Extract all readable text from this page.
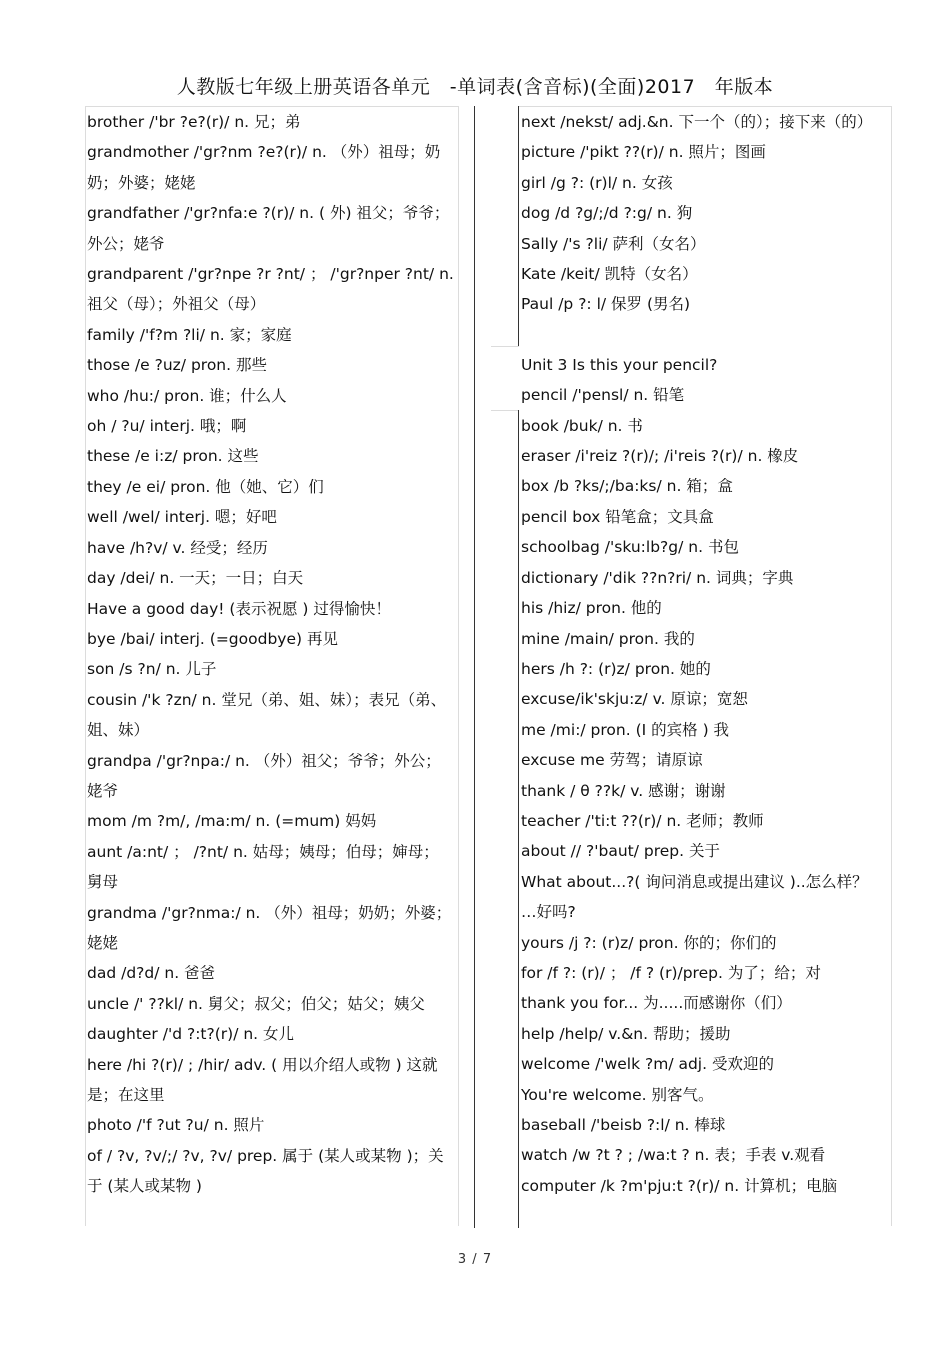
人教版七年级上册英语各单元   -单词表(含音标)(全面)2017   年版本

brother /'br ?e?(r)/ n. 兄；弟

grandmother /'gr?nm ?e?(r)/ n. （外）祖母；奶奶；外婆；姥姥

grandfather /'gr?nfa:e ?(r)/ n. ( 外) 祖父；爷爷； 外公；姥爷

grandparent /'gr?npe ?r ?nt/ ； /'gr?nper ?nt/ n.祖父（母）；外祖父（母）

family /'f?m ?li/ n. 家；家庭

those /e ?uz/ pron. 那些

who /hu:/ pron. 谁；什么人

oh / ?u/ interj. 哦；啊

these /e i:z/ pron. 这些

they /e ei/ pron. 他（她、它）们

well /wel/ interj. 嗯；好吧

have /h?v/ v. 经受；经历

day /dei/ n. 一天；一日；白天

Have a good day! (表示祝愿 ) 过得愉快！

bye /bai/ interj. (=goodbye) 再见

son /s ?n/ n. 儿子

cousin /'k ?zn/ n. 堂兄（弟、姐、妹）；表兄（弟、姐、妹）

grandpa /'gr?npa:/ n. （外）祖父；爷爷；外公；姥爷

mom /m ?m/, /ma:m/ n. (=mum) 妈妈

aunt /a:nt/ ； /?nt/ n. 姑母；姨母；伯母；婶母；舅母

grandma /'gr?nma:/ n. （外）祖母；奶奶；外婆；姥姥

dad /d?d/ n. 爸爸

uncle /' ??kl/ n. 舅父；叔父；伯父；姑父；姨父

daughter /'d ?:t?(r)/ n. 女儿

here /hi ?(r)/ ; /hir/ adv. ( 用以介绍人或物 ) 这就是；在这里

photo /'f ?ut ?u/ n. 照片

of / ?v, ?v/;/ ?v, ?v/ prep. 属于 (某人或某物 )；关于 (某人或某物 )

next /nekst/ adj.&n. 下一个（的）；接下来（的）

picture /'pikt ??(r)/ n. 照片；图画

girl /g ?: (r)l/ n. 女孩

dog /d ?g/;/d ?:g/ n. 狗

Sally /'s ?li/ 萨利（女名）

Kate /keit/ 凯特（女名）

Paul /p ?: l/ 保罗 (男名)

Unit 3 Is this your pencil?

pencil /'pensl/ n. 铅笔

book /buk/ n. 书

eraser /i'reiz ?(r)/; /i'reis ?(r)/ n. 橡皮

box /b ?ks/;/ba:ks/ n. 箱；盒

pencil box 铅笔盒；文具盒

schoolbag /'sku:lb?g/ n. 书包

dictionary /'dik ??n?ri/ n. 词典；字典

his /hiz/ pron. 他的

mine /main/ pron. 我的

hers /h ?: (r)z/ pron. 她的

excuse/ik'skju:z/ v. 原谅；宽恕

me /mi:/ pron. (I 的宾格 ) 我

excuse me 劳驾；请原谅

thank / θ ??k/ v. 感谢；谢谢

teacher /'ti:t ??(r)/ n. 老师；教师

about // ?'baut/ prep. 关于

What about...?( 询问消息或提出建议 )..怎么样？ …好吗?

yours /j ?: (r)z/ pron. 你的；你们的

for /f ?: (r)/ ； /f ? (r)/prep. 为了；给；对

thank you for... 为.....而感谢你（们）

help /help/ v.&n. 帮助；援助

welcome /'welk ?m/ adj. 受欢迎的

You're welcome. 别客气。

baseball /'beisb ?:l/ n. 棒球

watch /w ?t ? ; /wa:t ? n. 表；手表 v.观看

computer /k ?m'pju:t ?(r)/ n. 计算机；电脑

3 / 7
